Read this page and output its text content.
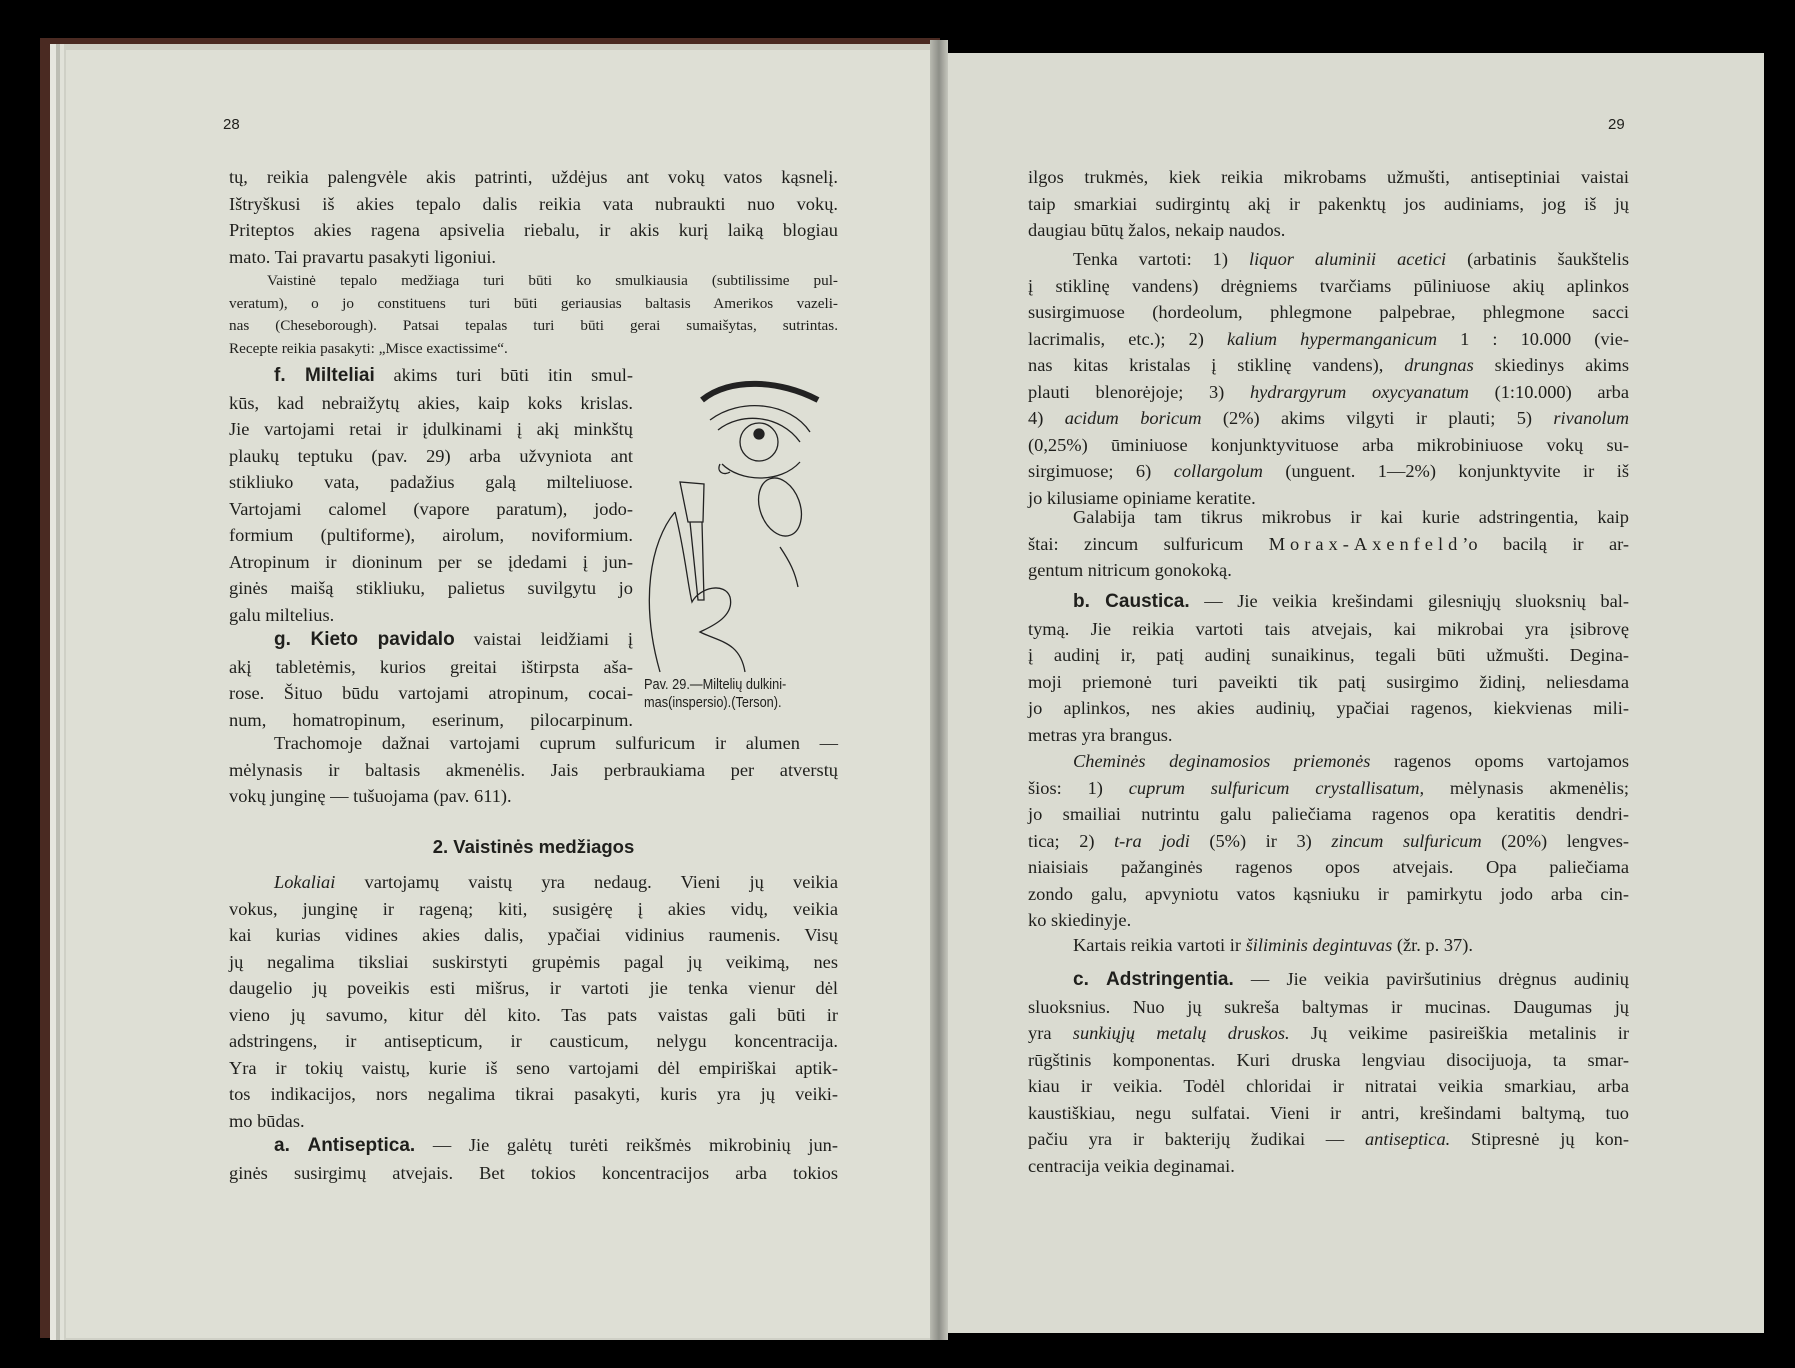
28	29
tų, reikia palengvėle akis patrinti, uždėjus ant vokų vatos kąsnelį.
Ištryškusi iš akies tepalo dalis reikia vata nubraukti nuo vokų.
Priteptos akies ragena apsivelia riebalu, ir akis kurį laiką blogiau
mato. Tai pravartu pasakyti ligoniui.
Vaistinė tepalo medžiaga turi būti ko smulkiausia (subtilissime pul-
veratum), o jo constituens turi būti geriausias baltasis Amerikos vazeli-
nas (Cheseborough). Patsai tepalas turi būti gerai sumaišytas, sutrintas.
Recepte reikia pasakyti: „Misce exactissime“.
f. Milteliai akims turi būti itin smul-
kūs, kad nebraižytų akies, kaip koks krislas.
Jie vartojami retai ir įdulkinami į akį minkštų
plaukų teptuku (pav. 29) arba užvyniota ant
stikliuko vata, padažius galą milteliuose.
Vartojami calomel (vapore paratum), jodo-
formium (pultiforme), airolum, noviformium.
Atropinum ir dioninum per se įdedami į jun-
ginės maišą stikliuku, palietus suvilgytu jo
galu miltelius.
g. Kieto pavidalo vaistai leidžiami į
akį tabletėmis, kurios greitai ištirpsta aša-
rose. Šituo būdu vartojami atropinum, cocai-
num, homatropinum, eserinum, pilocarpinum.
Trachomoje dažnai vartojami cuprum sulfuricum ir alumen —
mėlynasis ir baltasis akmenėlis. Jais perbraukiama per atverstų
vokų junginę — tušuojama (pav. 611).
2. Vaistinės medžiagos
Lokaliai vartojamų vaistų yra nedaug. Vieni jų veikia
vokus, junginę ir rageną; kiti, susigėrę į akies vidų, veikia
kai kurias vidines akies dalis, ypačiai vidinius raumenis. Visų
jų negalima tiksliai suskirstyti grupėmis pagal jų veikimą, nes
daugelio jų poveikis esti mišrus, ir vartoti jie tenka vienur dėl
vieno jų savumo, kitur dėl kito. Tas pats vaistas gali būti ir
adstringens, ir antisepticum, ir causticum, nelygu koncentracija.
Yra ir tokių vaistų, kurie iš seno vartojami dėl empiriškai aptik-
tos indikacijos, nors negalima tikrai pasakyti, kuris yra jų veiki-
mo būdas.
a. Antiseptica. — Jie galėtų turėti reikšmės mikrobinių jun-
ginės susirgimų atvejais. Bet tokios koncentracijos arba tokios
Pav. 29.—Miltelių dulkini-
mas(inspersio).(Terson).
ilgos trukmės, kiek reikia mikrobams užmušti, antiseptiniai vaistai
taip smarkiai sudirgintų akį ir pakenktų jos audiniams, jog iš jų
daugiau būtų žalos, nekaip naudos.
Tenka vartoti: 1) liquor aluminii acetici (arbatinis šaukštelis
į stiklinę vandens) drėgniems tvarčiams pūliniuose akių aplinkos
susirgimuose (hordeolum, phlegmone palpebrae, phlegmone sacci
lacrimalis, etc.); 2) kalium hypermanganicum 1 : 10.000 (vie-
nas kitas kristalas į stiklinę vandens), drungnas skiedinys akims
plauti blenorėjoje; 3) hydrargyrum oxycyanatum (1:10.000) arba
4) acidum boricum (2%) akims vilgyti ir plauti; 5) rivanolum
(0,25%) ūminiuose konjunktyvituose arba mikrobiniuose vokų su-
sirgimuose; 6) collargolum (unguent. 1—2%) konjunktyvite ir iš
jo kilusiame opiniame keratite.
Galabija tam tikrus mikrobus ir kai kurie adstringentia, kaip
štai: zincum sulfuricum Morax-Axenfeld’o bacilą ir ar-
gentum nitricum gonokoką.
b. Caustica. — Jie veikia krešindami gilesniųjų sluoksnių bal-
tymą. Jie reikia vartoti tais atvejais, kai mikrobai yra įsibrovę
į audinį ir, patį audinį sunaikinus, tegali būti užmušti. Degina-
moji priemonė turi paveikti tik patį susirgimo židinį, neliesdama
jo aplinkos, nes akies audinių, ypačiai ragenos, kiekvienas mili-
metras yra brangus.
Cheminės deginamosios priemonės ragenos opoms vartojamos
šios: 1) cuprum sulfuricum crystallisatum, mėlynasis akmenėlis;
jo smailiai nutrintu galu paliečiama ragenos opa keratitis dendri-
tica; 2) t-ra jodi (5%) ir 3) zincum sulfuricum (20%) lengves-
niaisiais pažanginės ragenos opos atvejais. Opa paliečiama
zondo galu, apvyniotu vatos kąsniuku ir pamirkytu jodo arba cin-
ko skiedinyje.
Kartais reikia vartoti ir šiliminis degintuvas (žr. p. 37).
c. Adstringentia. — Jie veikia paviršutinius drėgnus audinių
sluoksnius. Nuo jų sukreša baltymas ir mucinas. Daugumas jų
yra sunkiųjų metalų druskos. Jų veikime pasireiškia metalinis ir
rūgštinis komponentas. Kuri druska lengviau disocijuoja, ta smar-
kiau ir veikia. Todėl chloridai ir nitratai veikia smarkiau, arba
kaustiškiau, negu sulfatai. Vieni ir antri, krešindami baltymą, tuo
pačiu yra ir bakterijų žudikai — antiseptica. Stipresnė jų kon-
centracija veikia deginamai.
